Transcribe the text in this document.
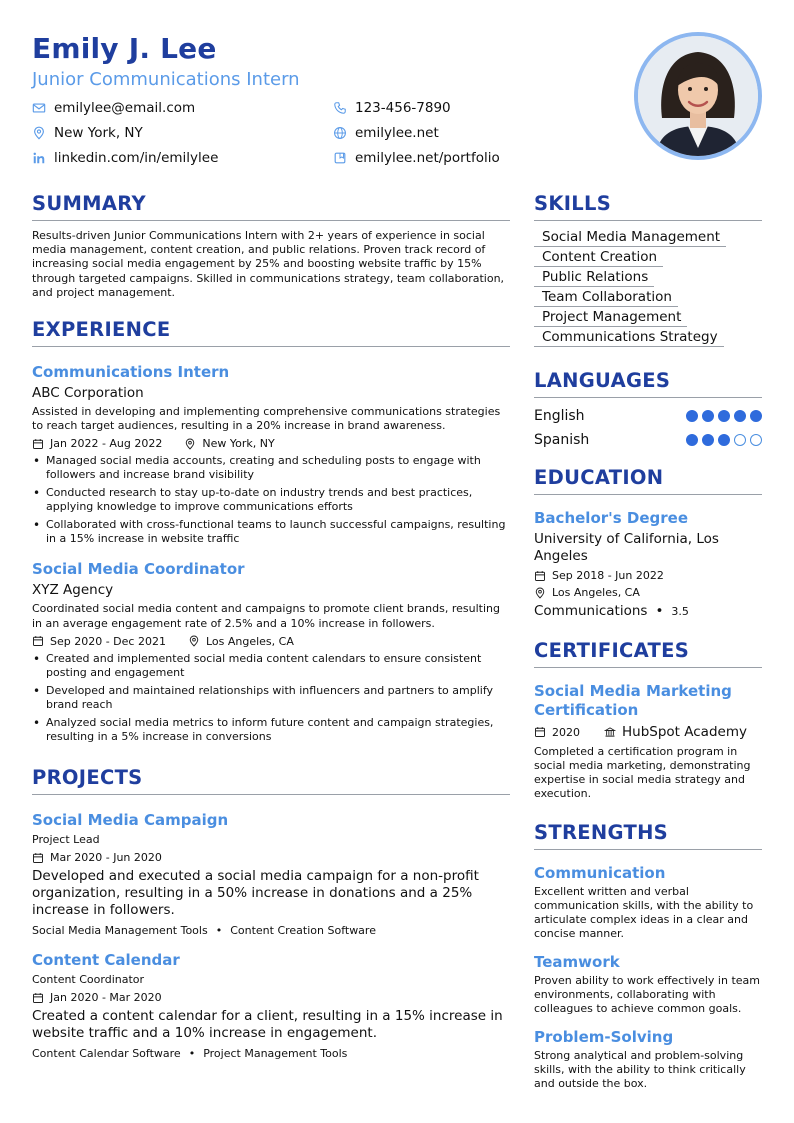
Emily J. Lee
Junior Communications Intern
emilylee@email.com	123-456-7890
New York, NY	emilylee.net
linkedin.com/in/emilylee	emilylee.net/portfolio
SUMMARY
Results-driven Junior Communications Intern with 2+ years of experience in social media management, content creation, and public relations. Proven track record of increasing social media engagement by 25% and boosting website traffic by 15% through targeted campaigns. Skilled in communications strategy, team collaboration, and project management.
EXPERIENCE
Communications Intern
ABC Corporation
Assisted in developing and implementing comprehensive communications strategies to reach target audiences, resulting in a 20% increase in brand awareness.
Jan 2022 - Aug 2022	New York, NY
• Managed social media accounts, creating and scheduling posts to engage with followers and increase brand visibility
• Conducted research to stay up-to-date on industry trends and best practices, applying knowledge to improve communications efforts
• Collaborated with cross-functional teams to launch successful campaigns, resulting in a 15% increase in website traffic
Social Media Coordinator
XYZ Agency
Coordinated social media content and campaigns to promote client brands, resulting in an average engagement rate of 2.5% and a 10% increase in followers.
Sep 2020 - Dec 2021	Los Angeles, CA
• Created and implemented social media content calendars to ensure consistent posting and engagement
• Developed and maintained relationships with influencers and partners to amplify brand reach
• Analyzed social media metrics to inform future content and campaign strategies, resulting in a 5% increase in conversions
PROJECTS
Social Media Campaign
Project Lead
Mar 2020 - Jun 2020
Developed and executed a social media campaign for a non-profit organization, resulting in a 50% increase in donations and a 25% increase in followers.
Social Media Management Tools • Content Creation Software
Content Calendar
Content Coordinator
Jan 2020 - Mar 2020
Created a content calendar for a client, resulting in a 15% increase in website traffic and a 10% increase in engagement.
Content Calendar Software • Project Management Tools
SKILLS
Social Media Management
Content Creation
Public Relations
Team Collaboration
Project Management
Communications Strategy
LANGUAGES
English
Spanish
EDUCATION
Bachelor's Degree
University of California, Los Angeles
Sep 2018 - Jun 2022
Los Angeles, CA
Communications • 3.5
CERTIFICATES
Social Media Marketing Certification
2020	HubSpot Academy
Completed a certification program in social media marketing, demonstrating expertise in social media strategy and execution.
STRENGTHS
Communication
Excellent written and verbal communication skills, with the ability to articulate complex ideas in a clear and concise manner.
Teamwork
Proven ability to work effectively in team environments, collaborating with colleagues to achieve common goals.
Problem-Solving
Strong analytical and problem-solving skills, with the ability to think critically and outside the box.
